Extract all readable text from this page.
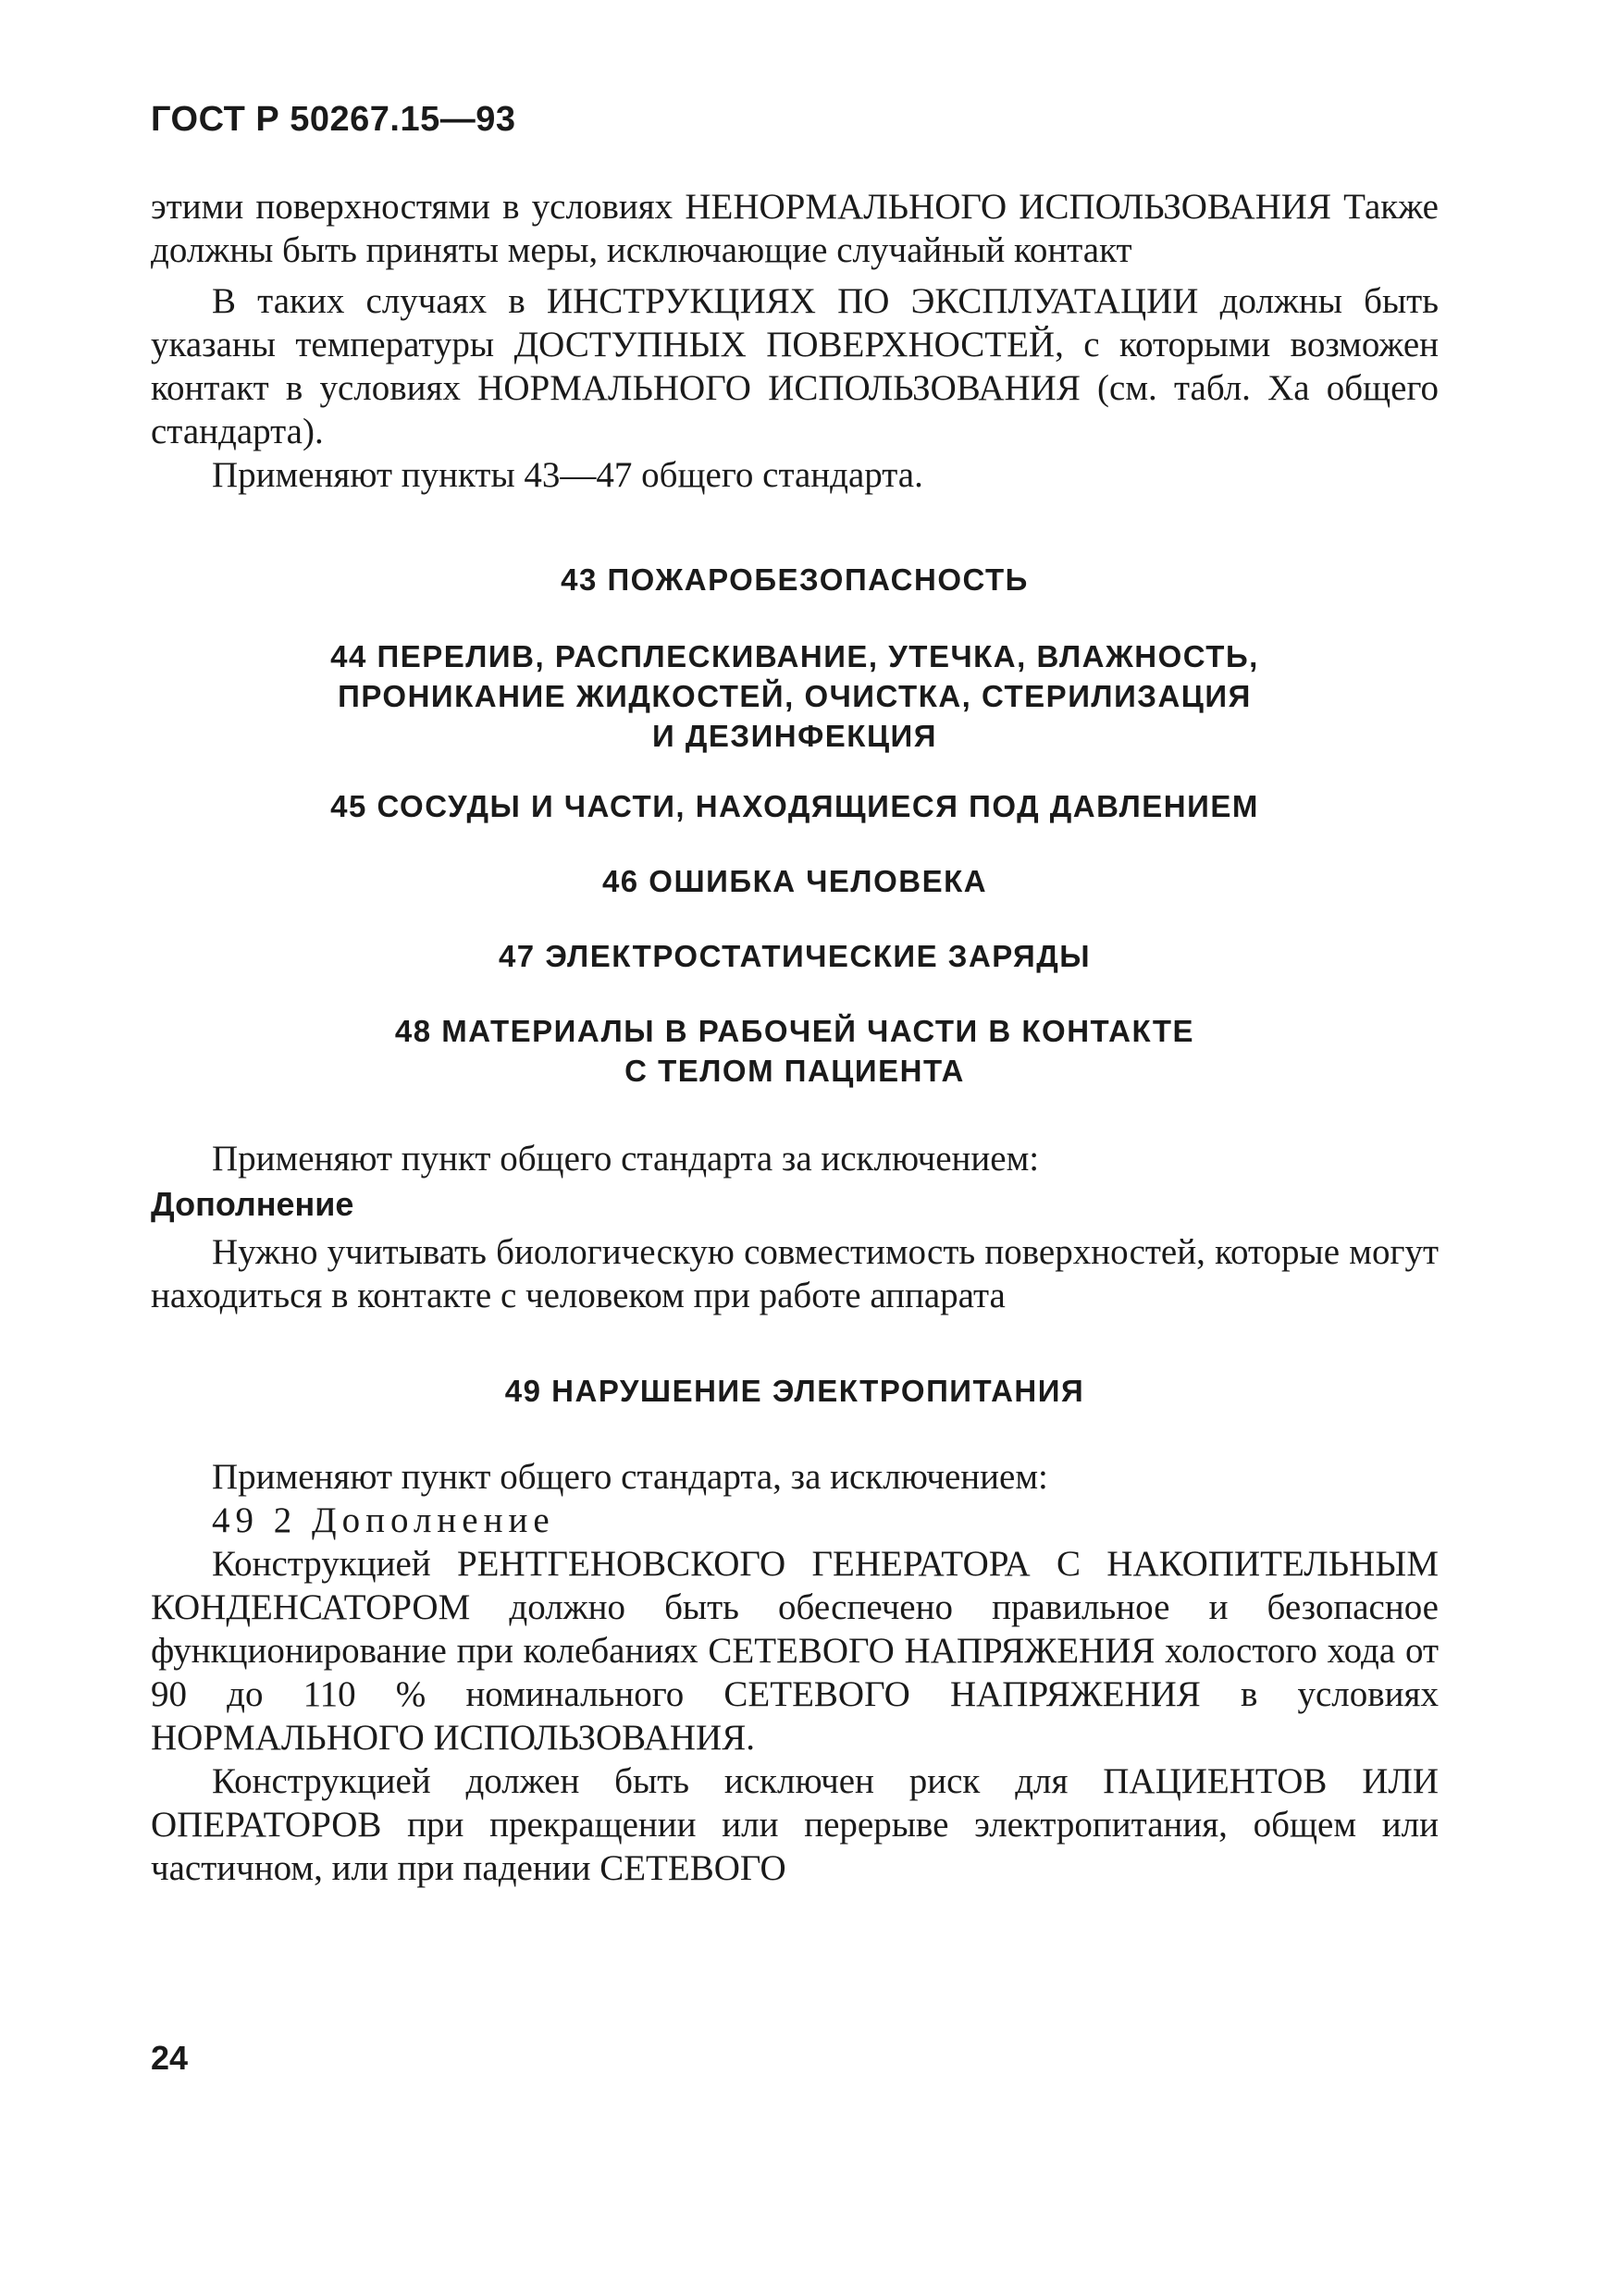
ГОСТ Р 50267.15—93

этими поверхностями в условиях НЕНОРМАЛЬНОГО ИСПОЛЬЗОВАНИЯ Также должны быть приняты меры, исключающие случайный контакт

В таких случаях в ИНСТРУКЦИЯХ ПО ЭКСПЛУАТАЦИИ должны быть указаны температуры ДОСТУПНЫХ ПОВЕРХНОСТЕЙ, с которыми возможен контакт в условиях НОРМАЛЬНОГО ИСПОЛЬЗОВАНИЯ (см. табл. Ха общего стандарта).

Применяют пункты 43—47 общего стандарта.

43 ПОЖАРОБЕЗОПАСНОСТЬ
44 ПЕРЕЛИВ, РАСПЛЕСКИВАНИЕ, УТЕЧКА, ВЛАЖНОСТЬ,
ПРОНИКАНИЕ ЖИДКОСТЕЙ, ОЧИСТКА, СТЕРИЛИЗАЦИЯ
И ДЕЗИНФЕКЦИЯ
45 СОСУДЫ И ЧАСТИ, НАХОДЯЩИЕСЯ ПОД ДАВЛЕНИЕМ
46 ОШИБКА ЧЕЛОВЕКА
47 ЭЛЕКТРОСТАТИЧЕСКИЕ ЗАРЯДЫ
48 МАТЕРИАЛЫ В РАБОЧЕЙ ЧАСТИ В КОНТАКТЕ
С ТЕЛОМ ПАЦИЕНТА

Применяют пункт общего стандарта за исключением:

Дополнение

Нужно учитывать биологическую совместимость поверхностей, которые могут находиться в контакте с человеком при работе аппарата

49 НАРУШЕНИЕ ЭЛЕКТРОПИТАНИЯ

Применяют пункт общего стандарта, за исключением:

49 2 Дополнение

Конструкцией РЕНТГЕНОВСКОГО ГЕНЕРАТОРА С НАКОПИТЕЛЬНЫМ КОНДЕНСАТОРОМ должно быть обеспечено правильное и безопасное функционирование при колебаниях СЕТЕВОГО НАПРЯЖЕНИЯ холостого хода от 90 до 110 % номинального СЕТЕВОГО НАПРЯЖЕНИЯ в условиях НОРМАЛЬНОГО ИСПОЛЬЗОВАНИЯ.

Конструкцией должен быть исключен риск для ПАЦИЕНТОВ ИЛИ ОПЕРАТОРОВ при прекращении или перерыве электропитания, общем или частичном, или при падении СЕТЕВОГО

24
